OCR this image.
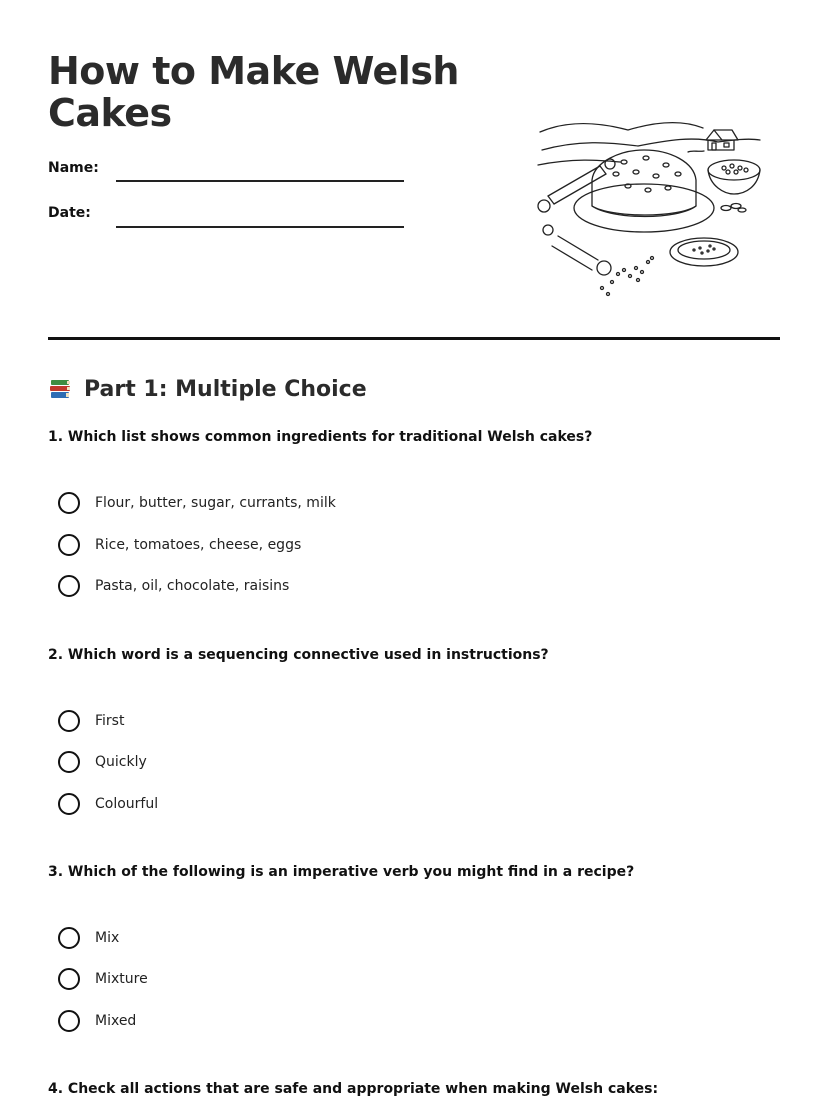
How to Make Welsh Cakes
Name:
Date:
Part 1: Multiple Choice
1. Which list shows common ingredients for traditional Welsh cakes?
Flour, butter, sugar, currants, milk
Rice, tomatoes, cheese, eggs
Pasta, oil, chocolate, raisins
2. Which word is a sequencing connective used in instructions?
First
Quickly
Colourful
3. Which of the following is an imperative verb you might find in a recipe?
Mix
Mixture
Mixed
4. Check all actions that are safe and appropriate when making Welsh cakes:
